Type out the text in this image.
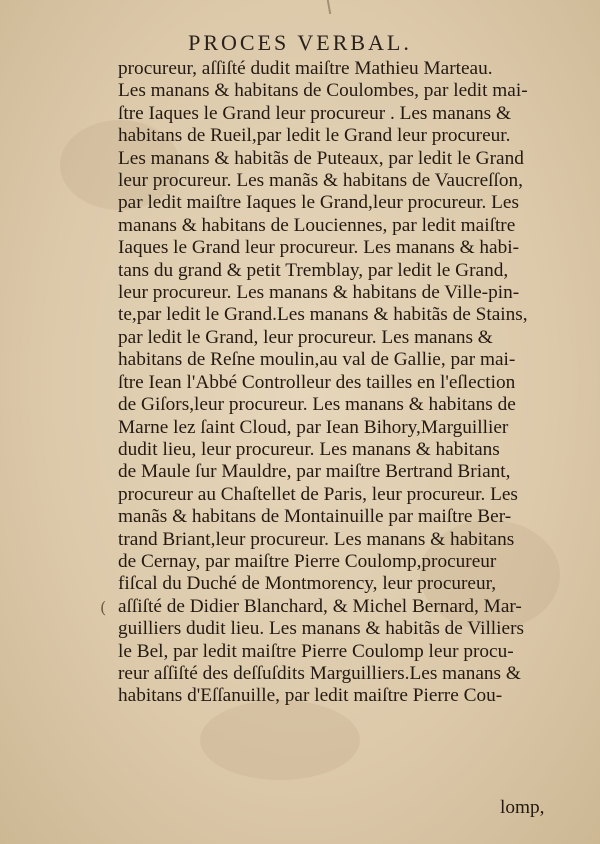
PROCES VERBAL.
procureur, aſſiſté dudit maiſtre Mathieu Marteau.
Les manans & habitans de Coulombes, par ledit mai-
ſtre Iaques le Grand leur procureur . Les manans &
habitans de Rueil,par ledit le Grand leur procureur.
Les manans & habitãs de Puteaux, par ledit le Grand
leur procureur. Les manãs & habitans de Vaucreſſon,
par ledit maiſtre Iaques le Grand,leur procureur. Les
manans & habitans de Louciennes, par ledit maiſtre
Iaques le Grand leur procureur. Les manans & habi-
tans du grand & petit Tremblay, par ledit le Grand,
leur procureur. Les manans & habitans de Ville-pin-
te,par ledit le Grand.Les manans & habitãs de Stains,
par ledit le Grand, leur procureur. Les manans &
habitans de Reſne moulin,au val de Gallie, par mai-
ſtre Iean l'Abbé Controlleur des tailles en l'eſlection
de Giſors,leur procureur. Les manans & habitans de
Marne lez ſaint Cloud, par Iean Bihory,Marguillier
dudit lieu, leur procureur. Les manans & habitans
de Maule ſur Mauldre, par maiſtre Bertrand Briant,
procureur au Chaſtellet de Paris, leur procureur. Les
manãs & habitans de Montainuille par maiſtre Ber-
trand Briant,leur procureur. Les manans & habitans
de Cernay, par maiſtre Pierre Coulomp,procureur
fiſcal du Duché de Montmorency, leur procureur,
aſſiſté de Didier Blanchard, & Michel Bernard, Mar-
guilliers dudit lieu. Les manans & habitãs de Villiers
le Bel, par ledit maiſtre Pierre Coulomp leur procu-
reur aſſiſté des deſſuſdits Marguilliers.Les manans &
habitans d'Eſſanuille, par ledit maiſtre Pierre Cou-
(
lomp,
